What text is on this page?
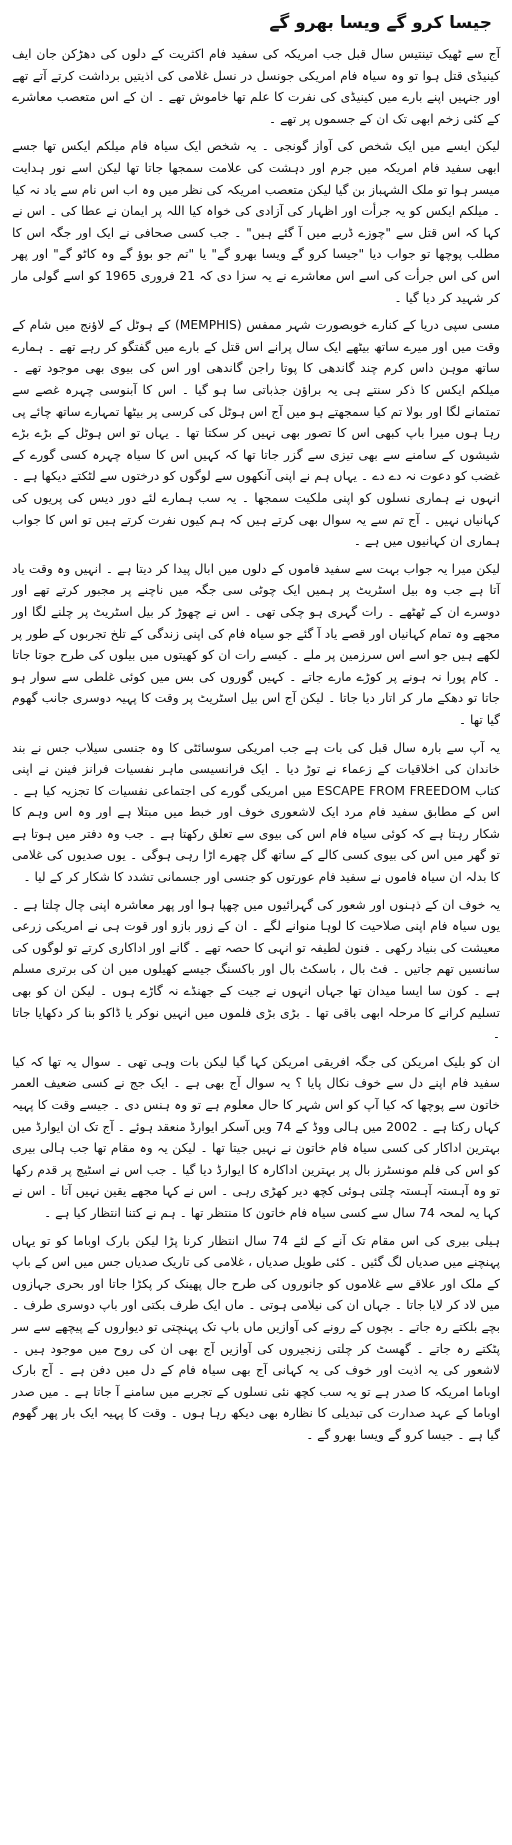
جیسا کرو گے ویسا بھرو گے

آج سے ٹھیک تینتیس سال قبل جب امریکہ کی سفید فام اکثریت کے دلوں کی دھڑکن جان ایف کینیڈی قتل ہوا تو وہ سیاہ فام امریکی جونسل در نسل غلامی کی اذیتیں برداشت کرتے آتے تھے اور جنہیں اپنے بارے میں کینیڈی کی نفرت کا علم تھا خاموش تھے ۔ ان کے اس متعصب معاشرے کے کئی زخم ابھی تک ان کے جسموں پر تھے ۔

لیکن ایسے میں ایک شخص کی آواز گونجی ۔ یہ شخص ایک سیاہ فام میلکم ایکس تھا جسے ابھی سفید فام امریکہ میں جرم اور دہشت کی علامت سمجھا جاتا تھا لیکن اسے نور ہدایت میسر ہوا تو ملک الشہباز بن گیا لیکن متعصب امریکہ کی نظر میں وہ اب اس نام سے یاد نہ کیا ۔ میلکم ایکس کو یہ جرأت اور اظہار کی آزادی کی خواہ کیا اللہ پر ایمان نے عطا کی ۔ اس نے کہا کہ اس قتل سے "چوزے ڈربے میں آ گئے ہیں" ۔ جب کسی صحافی نے ایک اور جگہ اس کا مطلب پوچھا تو جواب دیا "جیسا کرو گے ویسا بھرو گے" یا "تم جو بوؤ گے وہ کاٹو گے" اور پھر اس کی اس جرأت کی اسے اس معاشرے نے یہ سزا دی کہ 21 فروری 1965 کو اسے گولی مار کر شہید کر دیا گیا ۔

مسی سپی دریا کے کنارے خوبصورت شہر ممفس (MEMPHIS) کے ہوٹل کے لاؤنج میں شام کے وقت میں اور میرے ساتھ بیٹھے ایک سال پرانے اس قتل کے بارے میں گفتگو کر رہے تھے ۔ ہمارے ساتھ موہن داس کرم چند گاندھی کا پوتا راجن گاندھی اور اس کی بیوی بھی موجود تھے ۔ میلکم ایکس کا ذکر سنتے ہی یہ براؤن جذباتی سا ہو گیا ۔ اس کا آبنوسی چہرہ غصے سے تمتمانے لگا اور بولا تم کیا سمجھتے ہو میں آج اس ہوٹل کی کرسی پر بیٹھا تمہارے ساتھ چائے پی رہا ہوں میرا باپ کبھی اس کا تصور بھی نہیں کر سکتا تھا ۔ یہاں تو اس ہوٹل کے بڑے بڑے شیشوں کے سامنے سے بھی تیزی سے گزر جاتا تھا کہ کہیں اس کا سیاہ چہرہ کسی گورے کے غضب کو دعوت نہ دے دے ۔ یہاں ہم نے اپنی آنکھوں سے لوگوں کو درختوں سے لٹکتے دیکھا ہے ۔ انہوں نے ہماری نسلوں کو اپنی ملکیت سمجھا ۔ یہ سب ہمارے لئے دور دیس کی پریوں کی کہانیاں نہیں ۔ آج تم سے یہ سوال بھی کرتے ہیں کہ ہم کیوں نفرت کرتے ہیں تو اس کا جواب ہماری ان کہانیوں میں ہے ۔

لیکن میرا یہ جواب بہت سے سفید فاموں کے دلوں میں ابال پیدا کر دیتا ہے ۔ انہیں وہ وقت یاد آتا ہے جب وہ بیل اسٹریٹ پر ہمیں ایک چوٹی سی جگہ میں ناچنے پر مجبور کرتے تھے اور دوسرے ان کے ٹھٹھے ۔ رات گہری ہو چکی تھی ۔ اس نے چھوڑ کر بیل اسٹریٹ پر چلنے لگا اور مجھے وہ تمام کہانیاں اور قصے یاد آ گئے جو سیاہ فام کی اپنی زندگی کے تلخ تجربوں کے طور پر لکھے ہیں جو اسے اس سرزمین پر ملے ۔ کیسے رات ان کو کھیتوں میں بیلوں کی طرح جوتا جاتا ۔ کام پورا نہ ہونے پر کوڑے مارے جاتے ۔ کہیں گوروں کی بس میں کوئی غلطی سے سوار ہو جاتا تو دھکے مار کر اتار دیا جاتا ۔ لیکن آج اس بیل اسٹریٹ پر وقت کا پہیہ دوسری جانب گھوم گیا تھا ۔

یہ آپ سے بارہ سال قبل کی بات ہے جب امریکی سوسائٹی کا وہ جنسی سیلاب جس نے بند خاندان کی اخلاقیات کے زعماء نے توڑ دیا ۔ ایک فرانسیسی ماہر نفسیات فرانز فینن نے اپنی کتاب ESCAPE FROM FREEDOM میں امریکی گورے کی اجتماعی نفسیات کا تجزیہ کیا ہے ۔ اس کے مطابق سفید فام مرد ایک لاشعوری خوف اور خبط میں مبتلا ہے اور وہ اس وہم کا شکار رہتا ہے کہ کوئی سیاہ فام اس کی بیوی سے تعلق رکھتا ہے ۔ جب وہ دفتر میں ہوتا ہے تو گھر میں اس کی بیوی کسی کالے کے ساتھ گل چھرے اڑا رہی ہوگی ۔ یوں صدیوں کی غلامی کا بدلہ ان سیاہ فاموں نے سفید فام عورتوں کو جنسی اور جسمانی تشدد کا شکار کر کے لیا ۔

یہ خوف ان کے ذہنوں اور شعور کی گہرائیوں میں چھپا ہوا اور پھر معاشرہ اپنی چال چلتا ہے ۔ یوں سیاہ فام اپنی صلاحیت کا لوہا منوانے لگے ۔ ان کے زور بازو اور قوت ہی نے امریکی زرعی معیشت کی بنیاد رکھی ۔ فنون لطیفہ تو انہی کا حصہ تھے ۔ گانے اور اداکاری کرتے تو لوگوں کی سانسیں تھم جاتیں ۔ فٹ بال ، باسکٹ بال اور باکسنگ جیسے کھیلوں میں ان کی برتری مسلم ہے ۔ کون سا ایسا میدان تھا جہاں انہوں نے جیت کے جھنڈے نہ گاڑے ہوں ۔ لیکن ان کو بھی تسلیم کرانے کا مرحلہ ابھی باقی تھا ۔ بڑی بڑی فلموں میں انہیں نوکر یا ڈاکو بنا کر دکھایا جاتا ۔

ان کو بلیک امریکن کی جگہ افریقی امریکن کہا گیا لیکن بات وہی تھی ۔ سوال یہ تھا کہ کیا سفید فام اپنے دل سے خوف نکال پایا ؟ یہ سوال آج بھی ہے ۔ ایک جج نے کسی ضعیف العمر خاتون سے پوچھا کہ کیا آپ کو اس شہر کا حال معلوم ہے تو وہ ہنس دی ۔ جیسے وقت کا پہیہ کہاں رکتا ہے ۔ 2002 میں ہالی ووڈ کے 74 ویں آسکر ایوارڈ منعقد ہوئے ۔ آج تک ان ایوارڈ میں بہترین اداکار کی کسی سیاہ فام خاتون نے نہیں جیتا تھا ۔ لیکن یہ وہ مقام تھا جب ہالی بیری کو اس کی فلم مونسٹرز بال پر بہترین اداکارہ کا ایوارڈ دیا گیا ۔ جب اس نے اسٹیج پر قدم رکھا تو وہ آہستہ آہستہ چلتی ہوئی کچھ دیر کھڑی رہی ۔ اس نے کہا مجھے یقین نہیں آتا ۔ اس نے کہا یہ لمحہ 74 سال سے کسی سیاہ فام خاتون کا منتظر تھا ۔ ہم نے کتنا انتظار کیا ہے ۔

ہیلی بیری کی اس مقام تک آنے کے لئے 74 سال انتظار کرنا پڑا لیکن بارک اوباما کو تو یہاں پہنچنے میں صدیاں لگ گئیں ۔ کئی طویل صدیاں ، غلامی کی تاریک صدیاں جس میں اس کے باپ کے ملک اور علاقے سے غلاموں کو جانوروں کی طرح جال پھینک کر پکڑا جاتا اور بحری جہازوں میں لاد کر لایا جاتا ۔ جہاں ان کی نیلامی ہوتی ۔ ماں ایک طرف بکتی اور باپ دوسری طرف ۔ بچے بلکتے رہ جاتے ۔ بچوں کے رونے کی آوازیں ماں باپ تک پہنچتی تو دیواروں کے پیچھے سے سر پٹکتے رہ جاتے ۔ گھسٹ کر چلتی زنجیروں کی آوازیں آج بھی ان کی روح میں موجود ہیں ۔ لاشعور کی یہ اذیت اور خوف کی یہ کہانی آج بھی سیاہ فام کے دل میں دفن ہے ۔ آج بارک اوباما امریکہ کا صدر ہے تو یہ سب کچھ نئی نسلوں کے تجربے میں سامنے آ جاتا ہے ۔ میں صدر اوباما کے عہد صدارت کی تبدیلی کا نظارہ بھی دیکھ رہا ہوں ۔ وقت کا پہیہ ایک بار پھر گھوم گیا ہے ۔ جیسا کرو گے ویسا بھرو گے ۔
